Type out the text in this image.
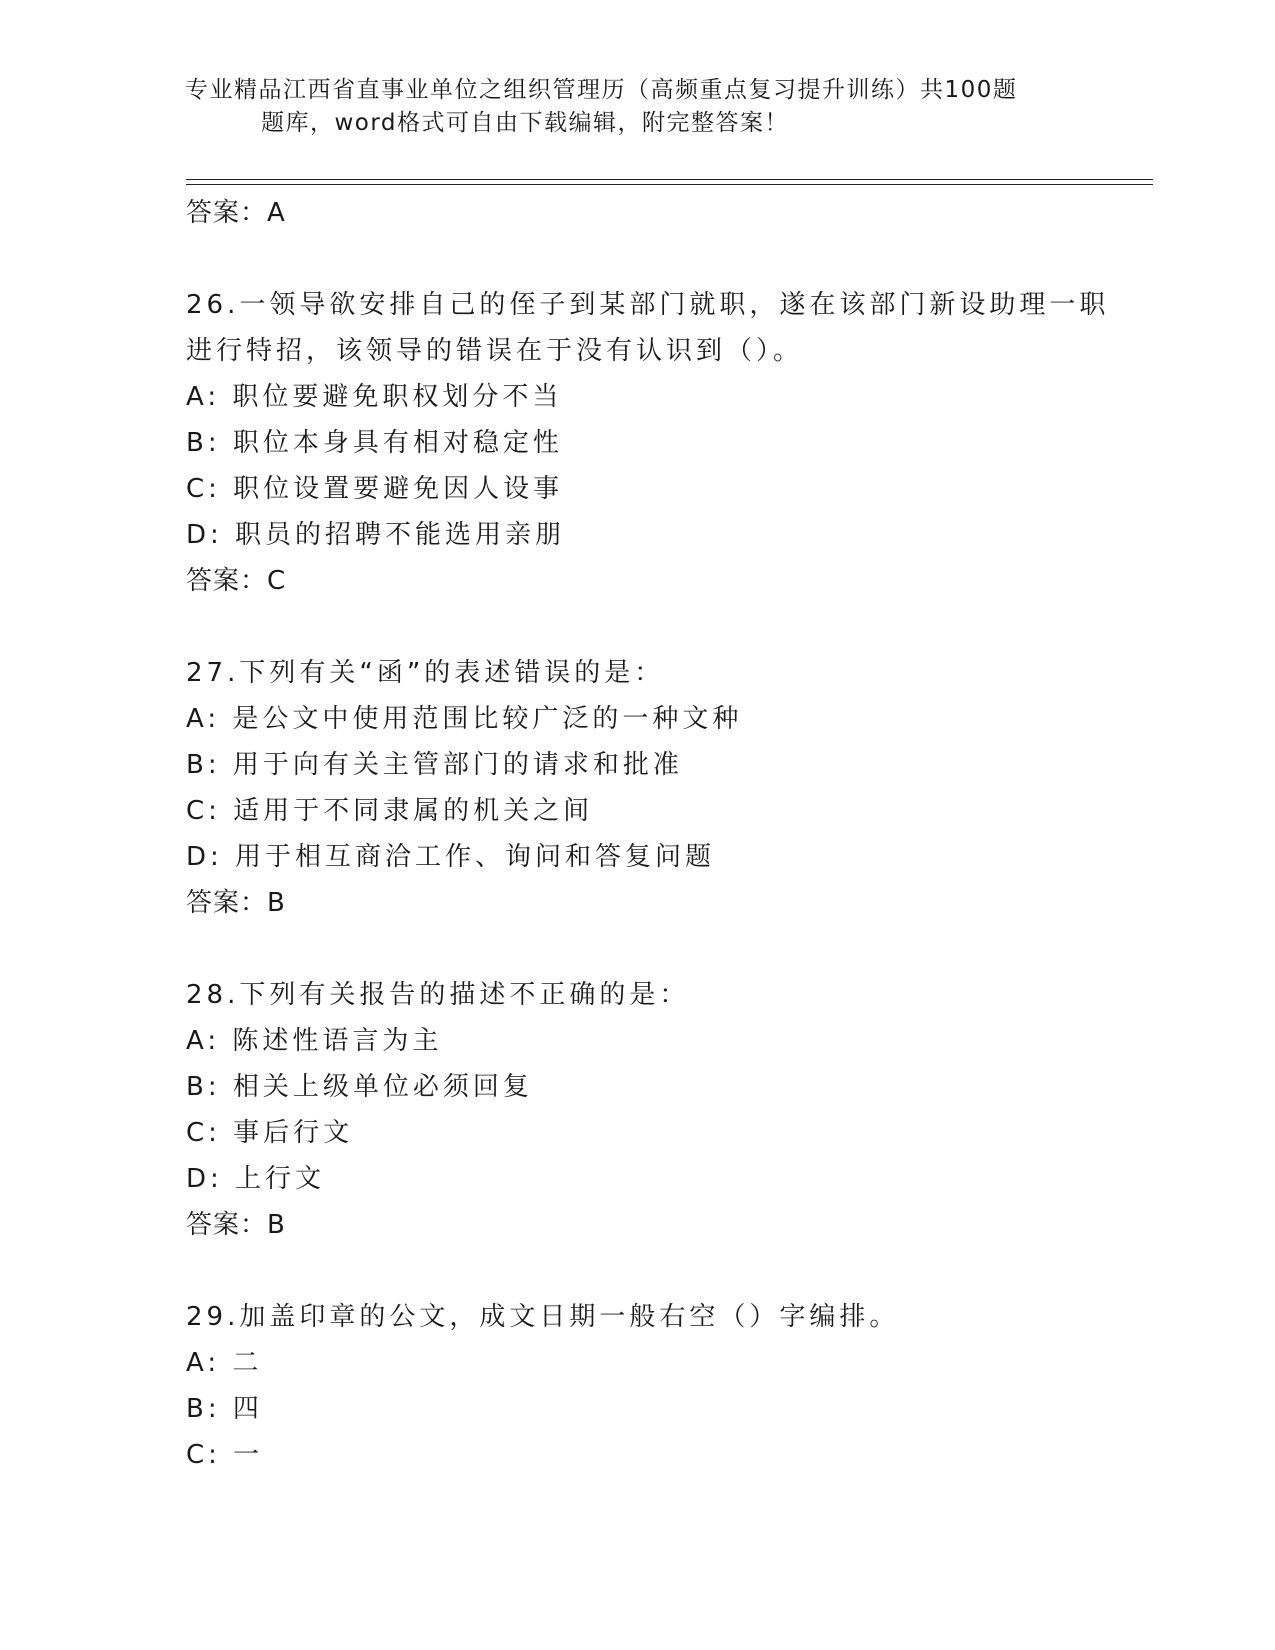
专业精品江西省直事业单位之组织管理历（高频重点复习提升训练）共100题
题库，word格式可自由下载编辑，附完整答案！
答案：A
26.一领导欲安排自己的侄子到某部门就职，遂在该部门新设助理一职
进行特招，该领导的错误在于没有认识到（）。
A: 职位要避免职权划分不当
B: 职位本身具有相对稳定性
C: 职位设置要避免因人设事
D: 职员的招聘不能选用亲朋
答案：C
27.下列有关“函”的表述错误的是：
A: 是公文中使用范围比较广泛的一种文种
B: 用于向有关主管部门的请求和批准
C: 适用于不同隶属的机关之间
D: 用于相互商洽工作、询问和答复问题
答案：B
28.下列有关报告的描述不正确的是：
A: 陈述性语言为主
B: 相关上级单位必须回复
C: 事后行文
D: 上行文
答案：B
29.加盖印章的公文，成文日期一般右空（）字编排。
A: 二
B: 四
C: 一
